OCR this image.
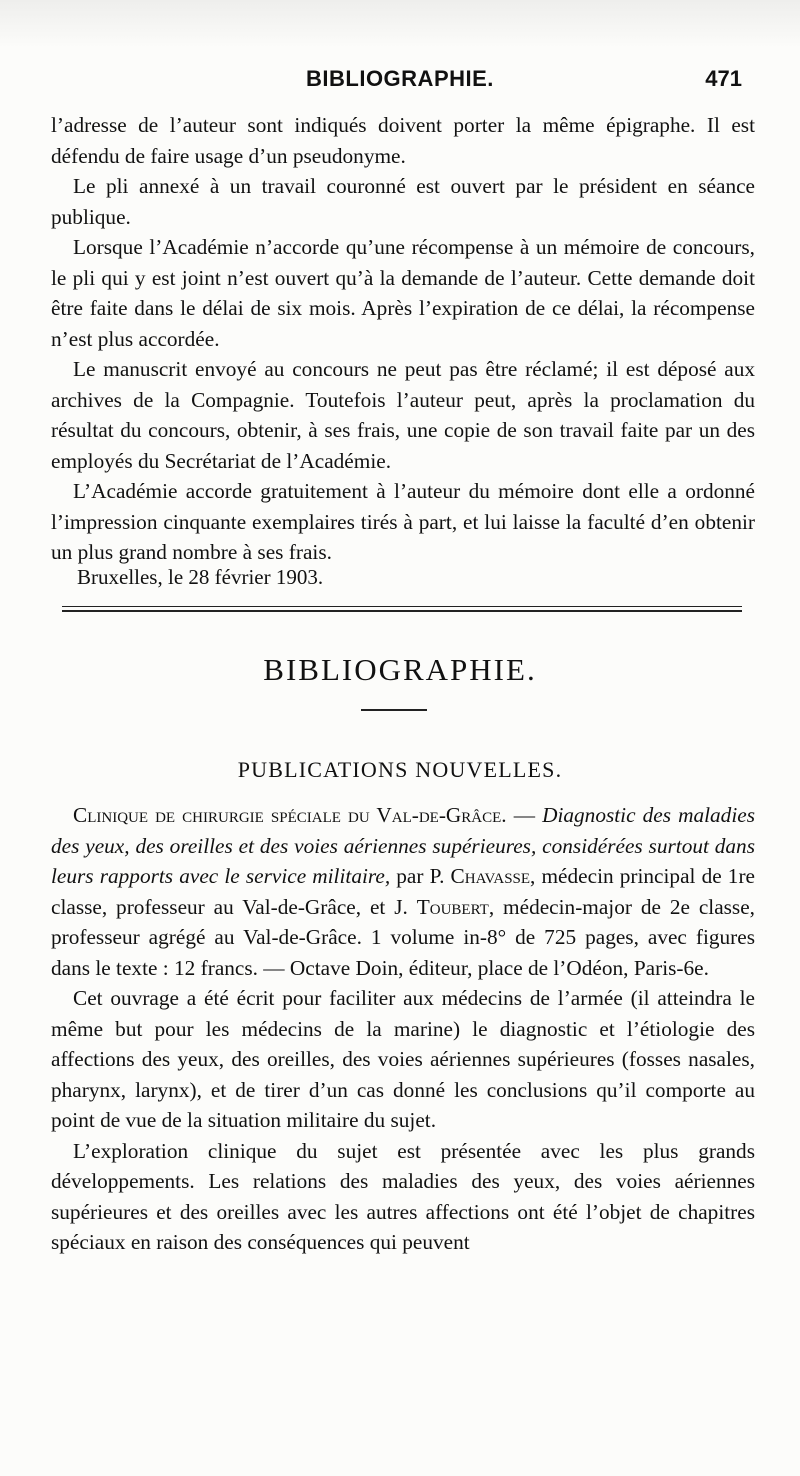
BIBLIOGRAPHIE.	471

l’adresse de l’auteur sont indiqués doivent porter la même épigraphe. Il est défendu de faire usage d’un pseudonyme.

Le pli annexé à un travail couronné est ouvert par le président en séance publique.

Lorsque l’Académie n’accorde qu’une récompense à un mémoire de concours, le pli qui y est joint n’est ouvert qu’à la demande de l’auteur. Cette demande doit être faite dans le délai de six mois. Après l’expiration de ce délai, la récompense n’est plus accordée.

Le manuscrit envoyé au concours ne peut pas être réclamé; il est déposé aux archives de la Compagnie. Toutefois l’auteur peut, après la proclamation du résultat du concours, obtenir, à ses frais, une copie de son travail faite par un des employés du Secrétariat de l’Académie.

L’Académie accorde gratuitement à l’auteur du mémoire dont elle a ordonné l’impression cinquante exemplaires tirés à part, et lui laisse la faculté d’en obtenir un plus grand nombre à ses frais.

Bruxelles, le 28 février 1903.
BIBLIOGRAPHIE.
PUBLICATIONS NOUVELLES.

Clinique de chirurgie spéciale du Val-de-Grâce. — Diagnostic des maladies des yeux, des oreilles et des voies aériennes supérieures, considérées surtout dans leurs rapports avec le service militaire, par P. Chavasse, médecin principal de 1re classe, professeur au Val-de-Grâce, et J. Toubert, médecin-major de 2e classe, professeur agrégé au Val-de-Grâce. 1 volume in-8° de 725 pages, avec figures dans le texte : 12 francs. — Octave Doin, éditeur, place de l’Odéon, Paris-6e.

Cet ouvrage a été écrit pour faciliter aux médecins de l’armée (il atteindra le même but pour les médecins de la marine) le diagnostic et l’étiologie des affections des yeux, des oreilles, des voies aériennes supérieures (fosses nasales, pharynx, larynx), et de tirer d’un cas donné les conclusions qu’il comporte au point de vue de la situation militaire du sujet.

L’exploration clinique du sujet est présentée avec les plus grands développements. Les relations des maladies des yeux, des voies aériennes supérieures et des oreilles avec les autres affections ont été l’objet de chapitres spéciaux en raison des conséquences qui peuvent
